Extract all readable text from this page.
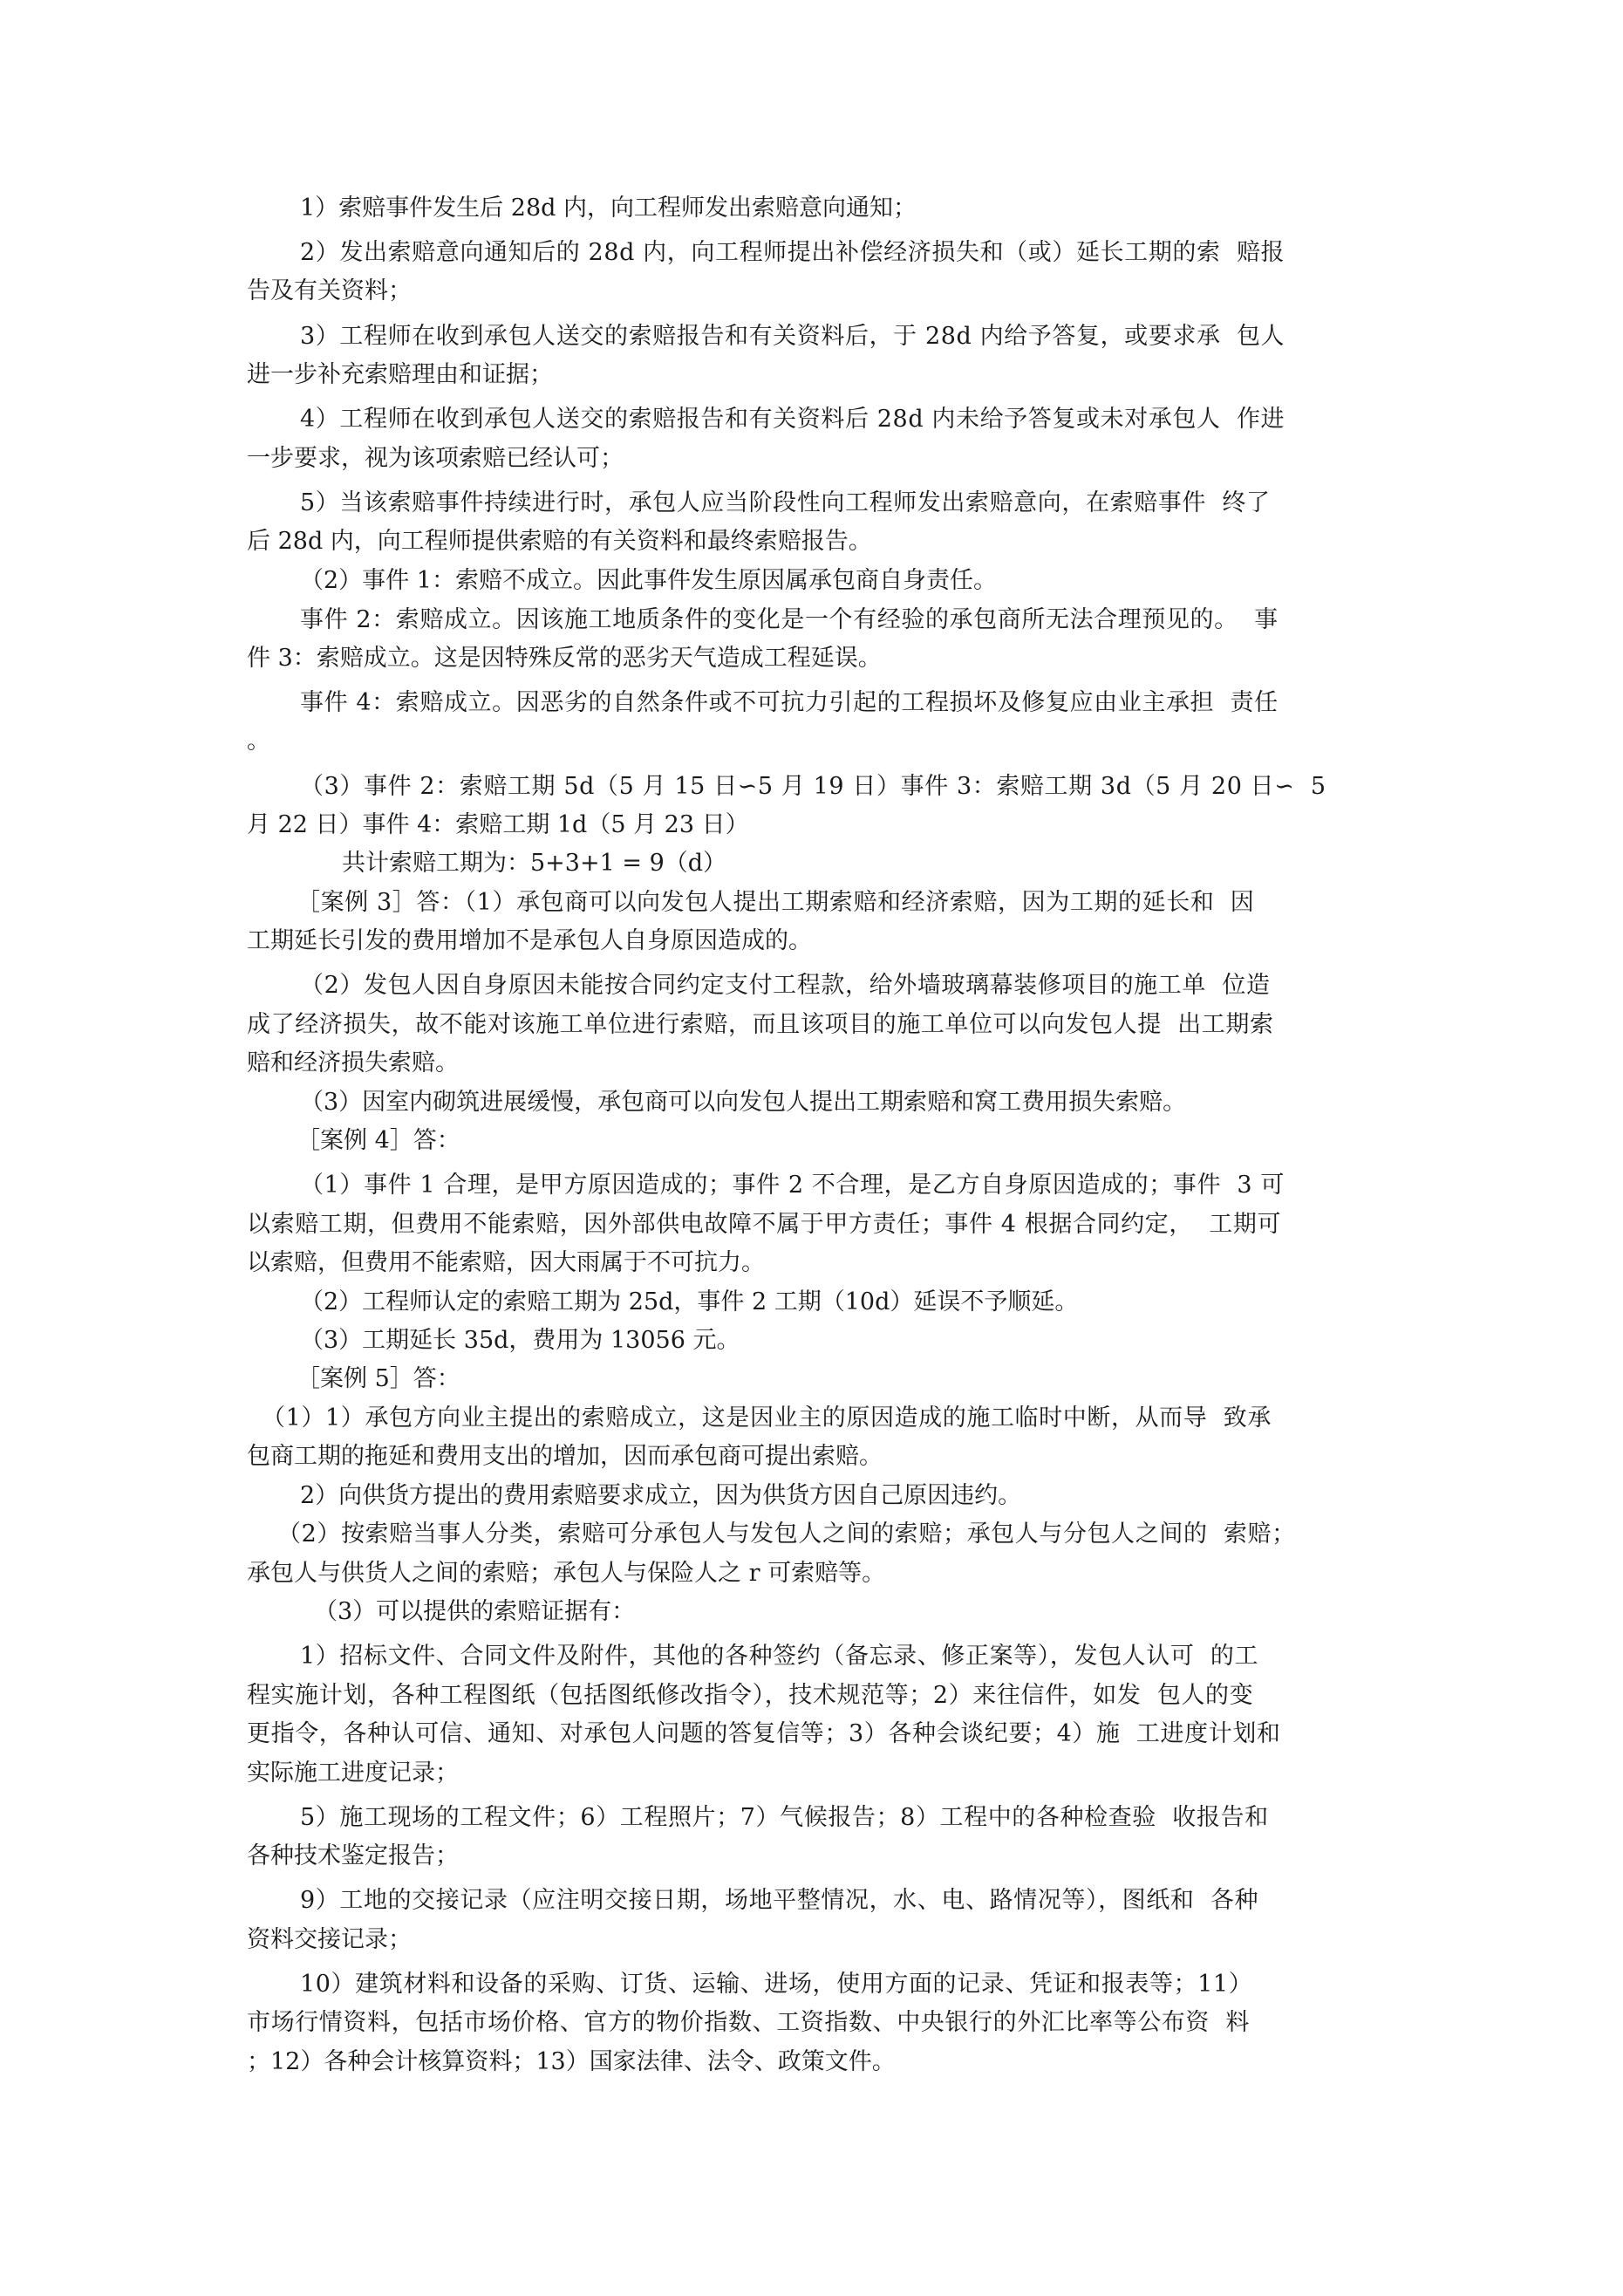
1）索赔事件发生后 28d 内，向工程师发出索赔意向通知；
2）发出索赔意向通知后的 28d 内，向工程师提出补偿经济损失和（或）延长工期的索  赔报
告及有关资料；
3）工程师在收到承包人送交的索赔报告和有关资料后，于 28d 内给予答复，或要求承  包人
进一步补充索赔理由和证据；
4）工程师在收到承包人送交的索赔报告和有关资料后 28d 内未给予答复或未对承包人  作进
一步要求，视为该项索赔已经认可；
5）当该索赔事件持续进行时，承包人应当阶段性向工程师发出索赔意向，在索赔事件  终了
后 28d 内，向工程师提供索赔的有关资料和最终索赔报告。
（2）事件 1：索赔不成立。因此事件发生原因属承包商自身责任。
事件 2：索赔成立。因该施工地质条件的变化是一个有经验的承包商所无法合理预见的。  事
件 3：索赔成立。这是因特殊反常的恶劣天气造成工程延误。
事件 4：索赔成立。因恶劣的自然条件或不可抗力引起的工程损坏及修复应由业主承担  责任
。
（3）事件 2：索赔工期 5d（5 月 15 日∽5 月 19 日）事件 3：索赔工期 3d（5 月 20 日∽  5
月 22 日）事件 4：索赔工期 1d（5 月 23 日）
共计索赔工期为：5+3+1 = 9（d）
［案例 3］答：（1）承包商可以向发包人提出工期索赔和经济索赔，因为工期的延长和  因
工期延长引发的费用增加不是承包人自身原因造成的。
（2）发包人因自身原因未能按合同约定支付工程款，给外墙玻璃幕装修项目的施工单  位造
成了经济损失，故不能对该施工单位进行索赔，而且该项目的施工单位可以向发包人提  出工期索
赔和经济损失索赔。
（3）因室内砌筑进展缓慢，承包商可以向发包人提出工期索赔和窝工费用损失索赔。
［案例 4］答：
（1）事件 1 合理，是甲方原因造成的；事件 2 不合理，是乙方自身原因造成的；事件  3 可
以索赔工期，但费用不能索赔，因外部供电故障不属于甲方责任；事件 4 根据合同约定，  工期可
以索赔，但费用不能索赔，因大雨属于不可抗力。
（2）工程师认定的索赔工期为 25d，事件 2 工期（10d）延误不予顺延。
（3）工期延长 35d，费用为 13056 元。
［案例 5］答：
（1）1）承包方向业主提出的索赔成立，这是因业主的原因造成的施工临时中断，从而导  致承
包商工期的拖延和费用支出的增加，因而承包商可提出索赔。
2）向供货方提出的费用索赔要求成立，因为供货方因自己原因违约。
（2）按索赔当事人分类，索赔可分承包人与发包人之间的索赔；承包人与分包人之间的  索赔；
承包人与供货人之间的索赔；承包人与保险人之 r 可索赔等。
（3）可以提供的索赔证据有：
1）招标文件、合同文件及附件，其他的各种签约（备忘录、修正案等），发包人认可  的工
程实施计划，各种工程图纸（包括图纸修改指令），技术规范等；2）来往信件，如发  包人的变
更指令，各种认可信、通知、对承包人问题的答复信等；3）各种会谈纪要；4）施  工进度计划和
实际施工进度记录；
5）施工现场的工程文件；6）工程照片；7）气候报告；8）工程中的各种检查验  收报告和
各种技术鉴定报告；
9）工地的交接记录（应注明交接日期，场地平整情况，水、电、路情况等），图纸和  各种
资料交接记录；
10）建筑材料和设备的采购、订货、运输、进场，使用方面的记录、凭证和报表等；11）
市场行情资料，包括市场价格、官方的物价指数、工资指数、中央银行的外汇比率等公布资  料
；12）各种会计核算资料；13）国家法律、法令、政策文件。
